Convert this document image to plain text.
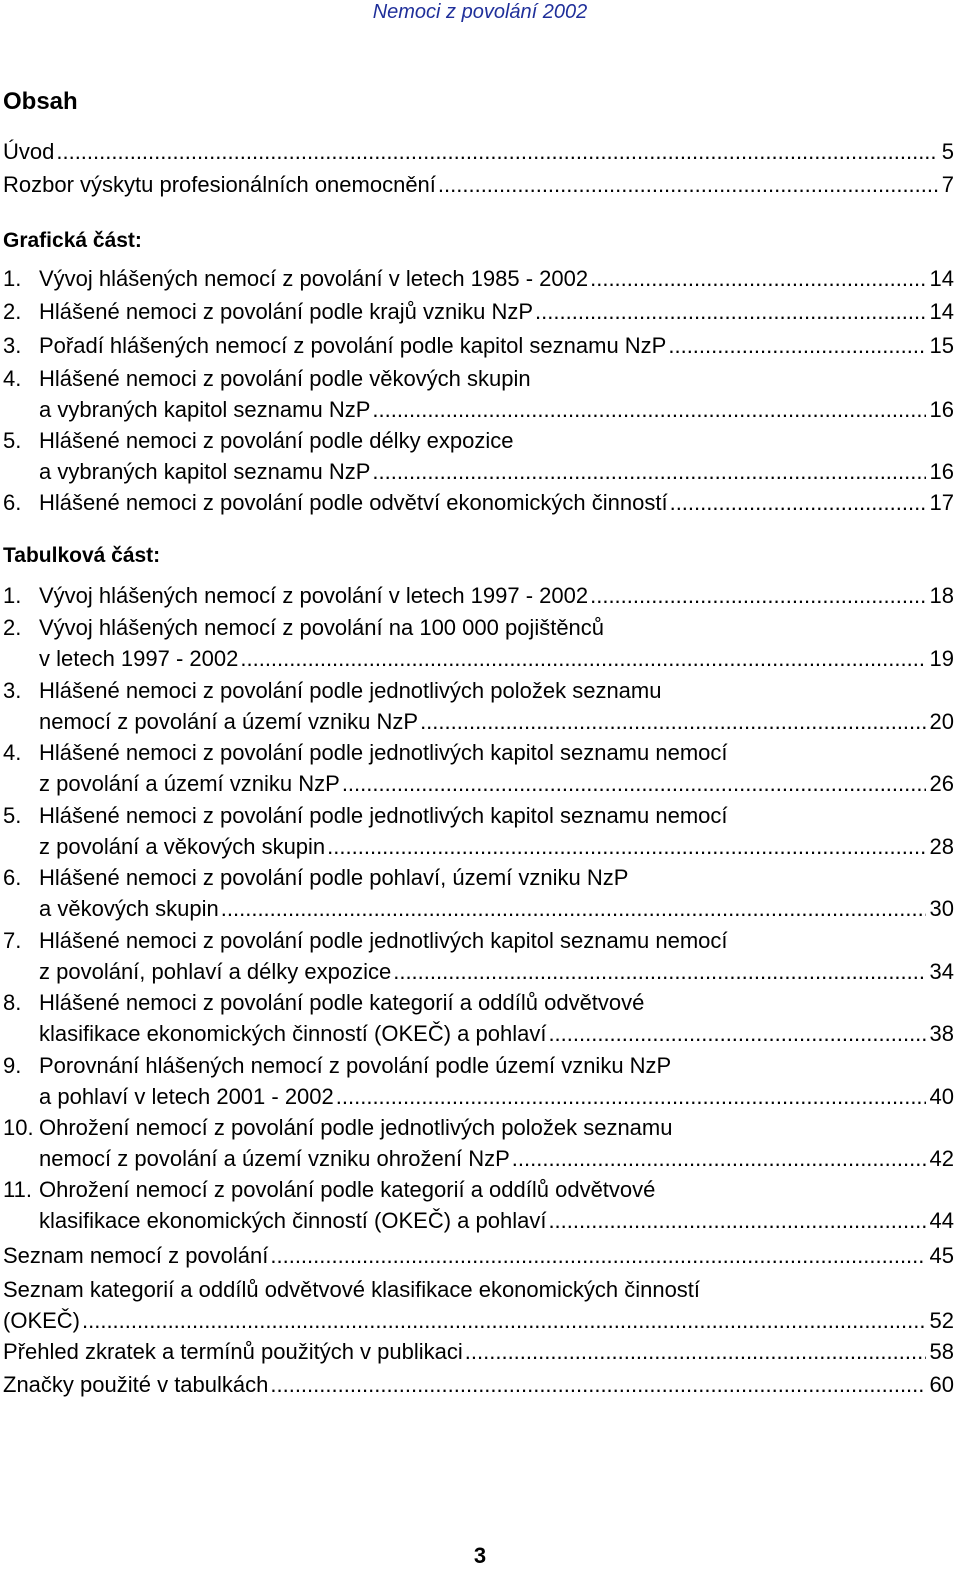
Nemoci z povolání 2002
Obsah
Úvod .....	5
Rozbor výskytu profesionálních onemocnění .....	7
Grafická část:
1. Vývoj hlášených nemocí z povolání v letech 1985 - 2002 .....	14
2. Hlášené nemoci z povolání podle krajů vzniku NzP .....	14
3. Pořadí hlášených nemocí z povolání podle kapitol seznamu NzP .....	15
4. Hlášené nemoci z povolání podle věkových skupin
a vybraných kapitol seznamu NzP .....	16
5. Hlášené nemoci z povolání podle délky expozice
a vybraných kapitol seznamu NzP .....	16
6. Hlášené nemoci z povolání podle odvětví ekonomických činností .....	17
Tabulková část:
1. Vývoj hlášených nemocí z povolání v letech 1997 - 2002 .....	18
2. Vývoj hlášených nemocí z povolání na 100 000 pojištěnců
v letech 1997 - 2002 .....	19
3. Hlášené nemoci z povolání podle jednotlivých položek seznamu
nemocí z povolání a území vzniku NzP .....	20
4. Hlášené nemoci z povolání podle jednotlivých kapitol seznamu nemocí
z povolání a území vzniku NzP .....	26
5. Hlášené nemoci z povolání podle jednotlivých kapitol seznamu nemocí
z povolání a věkových skupin .....	28
6. Hlášené nemoci z povolání podle pohlaví, území vzniku NzP
a věkových skupin .....	30
7. Hlášené nemoci z povolání podle jednotlivých kapitol seznamu nemocí
z povolání, pohlaví a délky expozice .....	34
8. Hlášené nemoci z povolání podle kategorií a oddílů odvětvové
klasifikace ekonomických činností (OKEČ) a pohlaví .....	38
9. Porovnání hlášených nemocí z povolání podle území vzniku NzP
a pohlaví v letech 2001 - 2002 .....	40
10. Ohrožení nemocí z povolání podle jednotlivých položek seznamu
nemocí z povolání a území vzniku ohrožení NzP .....	42
11. Ohrožení nemocí z povolání podle kategorií a oddílů odvětvové
klasifikace ekonomických činností (OKEČ) a pohlaví .....	44
Seznam nemocí z povolání .....	45
Seznam kategorií a oddílů odvětvové klasifikace ekonomických činností
(OKEČ) .....	52
Přehled zkratek a termínů použitých v publikaci .....	58
Značky použité v tabulkách .....	60
3
